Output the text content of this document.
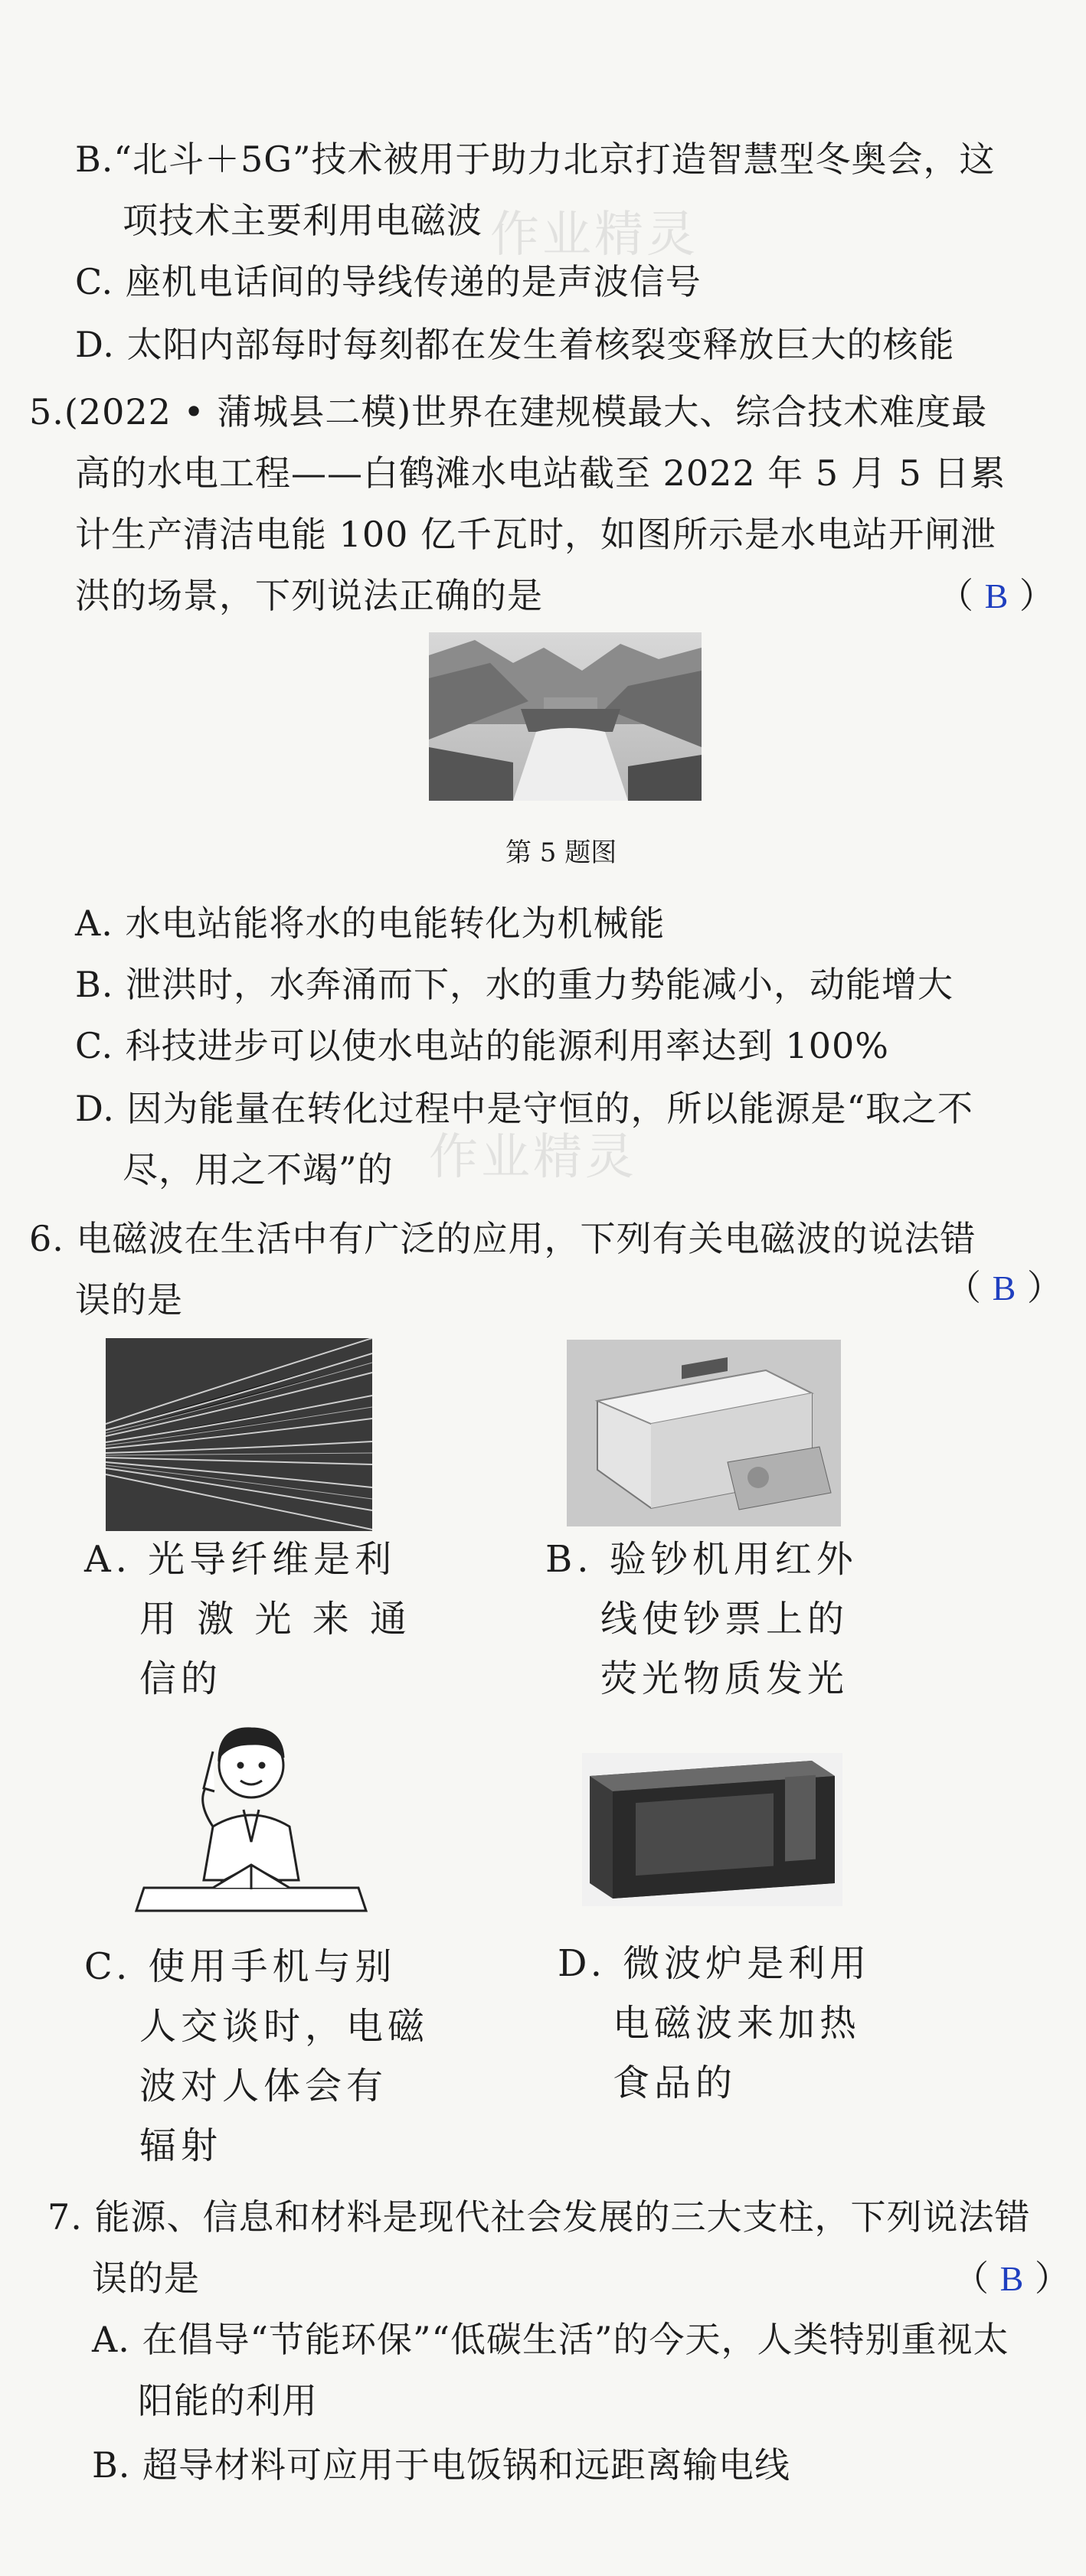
作业精灵
作业精灵
B.“北斗＋5G”技术被用于助力北京打造智慧型冬奥会，这
项技术主要利用电磁波
C. 座机电话间的导线传递的是声波信号
D. 太阳内部每时每刻都在发生着核裂变释放巨大的核能
5.(2022 • 蒲城县二模)世界在建规模最大、综合技术难度最
高的水电工程——白鹤滩水电站截至 2022 年 5 月 5 日累
计生产清洁电能 100 亿千瓦时，如图所示是水电站开闸泄
洪的场景，下列说法正确的是	（ B ）
第 5 题图
A. 水电站能将水的电能转化为机械能
B. 泄洪时，水奔涌而下，水的重力势能减小，动能增大
C. 科技进步可以使水电站的能源利用率达到 100%
D. 因为能量在转化过程中是守恒的，所以能源是“取之不
尽，用之不竭”的
6. 电磁波在生活中有广泛的应用，下列有关电磁波的说法错
误的是	（ B ）
A. 光导纤维是利
用 激 光 来 通
信的
B. 验钞机用红外
线使钞票上的
荧光物质发光
C. 使用手机与别
人交谈时，电磁
波对人体会有
辐射
D. 微波炉是利用
电磁波来加热
食品的
7. 能源、信息和材料是现代社会发展的三大支柱，下列说法错
误的是	（ B ）
A. 在倡导“节能环保”“低碳生活”的今天，人类特别重视太
阳能的利用
B. 超导材料可应用于电饭锅和远距离输电线
